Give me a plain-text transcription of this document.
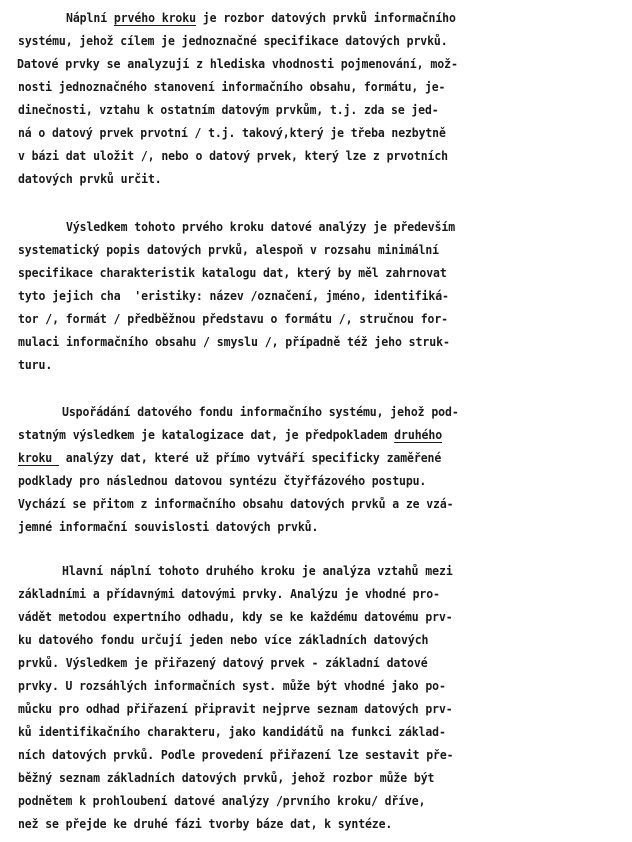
Náplní prvého kroku je rozbor datových prvků informačního
systému, jehož cílem je jednoznačné specifikace datových prvků.
Datové prvky se analyzují z hlediska vhodnosti pojmenování, mož-
nosti jednoznačného stanovení informačního obsahu, formátu, je-
dinečnosti, vztahu k ostatním datovým prvkům, t.j. zda se jed-
ná o datový prvek prvotní / t.j. takový,který je třeba nezbytně
v bázi dat uložit /, nebo o datový prvek, který lze z prvotních
datových prvků určit.
Výsledkem tohoto prvého kroku datové analýzy je především
systematický popis datových prvků, alespoň v rozsahu minimální
specifikace charakteristik katalogu dat, který by měl zahrnovat
tyto jejich cha  'eristiky: název /označení, jméno, identifiká-
tor /, formát / předběžnou představu o formátu /, stručnou for-
mulaci informačního obsahu / smyslu /, případně též jeho struk-
turu.
Uspořádání datového fondu informačního systému, jehož pod-
statným výsledkem je katalogizace dat, je předpokladem druhého
kroku  analýzy dat, které už přímo vytváří specificky zaměřené
podklady pro následnou datovou syntézu čtyřfázového postupu.
Vychází se přitom z informačního obsahu datových prvků a ze vzá-
jemné informační souvislosti datových prvků.
Hlavní náplní tohoto druhého kroku je analýza vztahů mezi
základními a přídavnými datovými prvky. Analýzu je vhodné pro-
vádět metodou expertního odhadu, kdy se ke každému datovému prv-
ku datového fondu určují jeden nebo více základních datových
prvků. Výsledkem je přiřazený datový prvek - základní datové
prvky. U rozsáhlých informačních syst. může být vhodné jako po-
můcku pro odhad přiřazení připravit nejprve seznam datových prv-
ků identifikačního charakteru, jako kandidátů na funkci základ-
ních datových prvků. Podle provedení přiřazení lze sestavit pře-
běžný seznam základních datových prvků, jehož rozbor může být
podnětem k prohloubení datové analýzy /prvního kroku/ dříve,
než se přejde ke druhé fázi tvorby báze dat, k syntéze.
